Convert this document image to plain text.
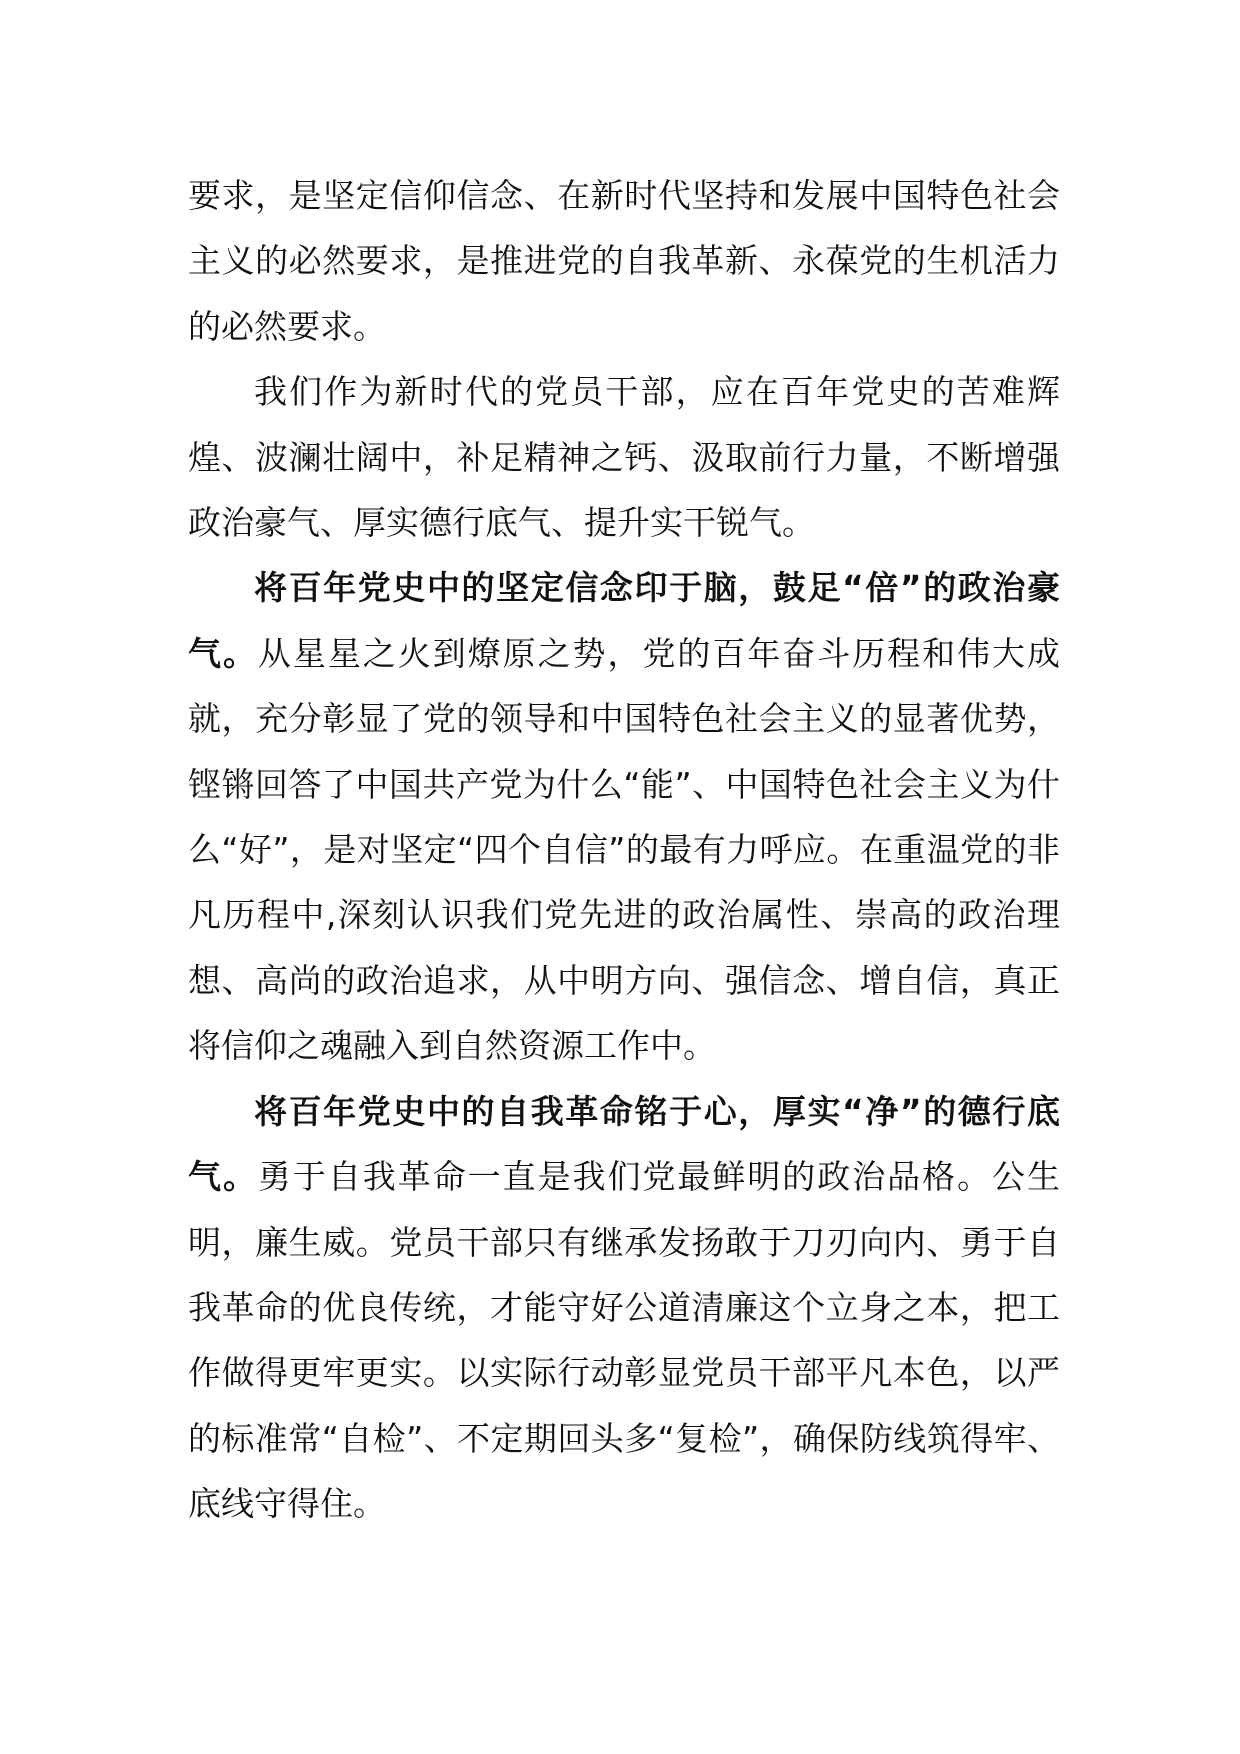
要求，是坚定信仰信念、在新时代坚持和发展中国特色社会主义的必然要求，是推进党的自我革新、永葆党的生机活力的必然要求。

我们作为新时代的党员干部，应在百年党史的苦难辉煌、波澜壮阔中，补足精神之钙、汲取前行力量，不断增强政治豪气、厚实德行底气、提升实干锐气。

将百年党史中的坚定信念印于脑，鼓足“倍”的政治豪气。从星星之火到燎原之势，党的百年奋斗历程和伟大成就，充分彰显了党的领导和中国特色社会主义的显著优势，铿锵回答了中国共产党为什么“能”、中国特色社会主义为什么“好”，是对坚定“四个自信”的最有力呼应。在重温党的非凡历程中,深刻认识我们党先进的政治属性、崇高的政治理想、高尚的政治追求，从中明方向、强信念、增自信，真正将信仰之魂融入到自然资源工作中。

将百年党史中的自我革命铭于心，厚实“净”的德行底气。勇于自我革命一直是我们党最鲜明的政治品格。公生明，廉生威。党员干部只有继承发扬敢于刀刃向内、勇于自我革命的优良传统，才能守好公道清廉这个立身之本，把工作做得更牢更实。以实际行动彰显党员干部平凡本色，以严的标准常“自检”、不定期回头多“复检”，确保防线筑得牢、底线守得住。
